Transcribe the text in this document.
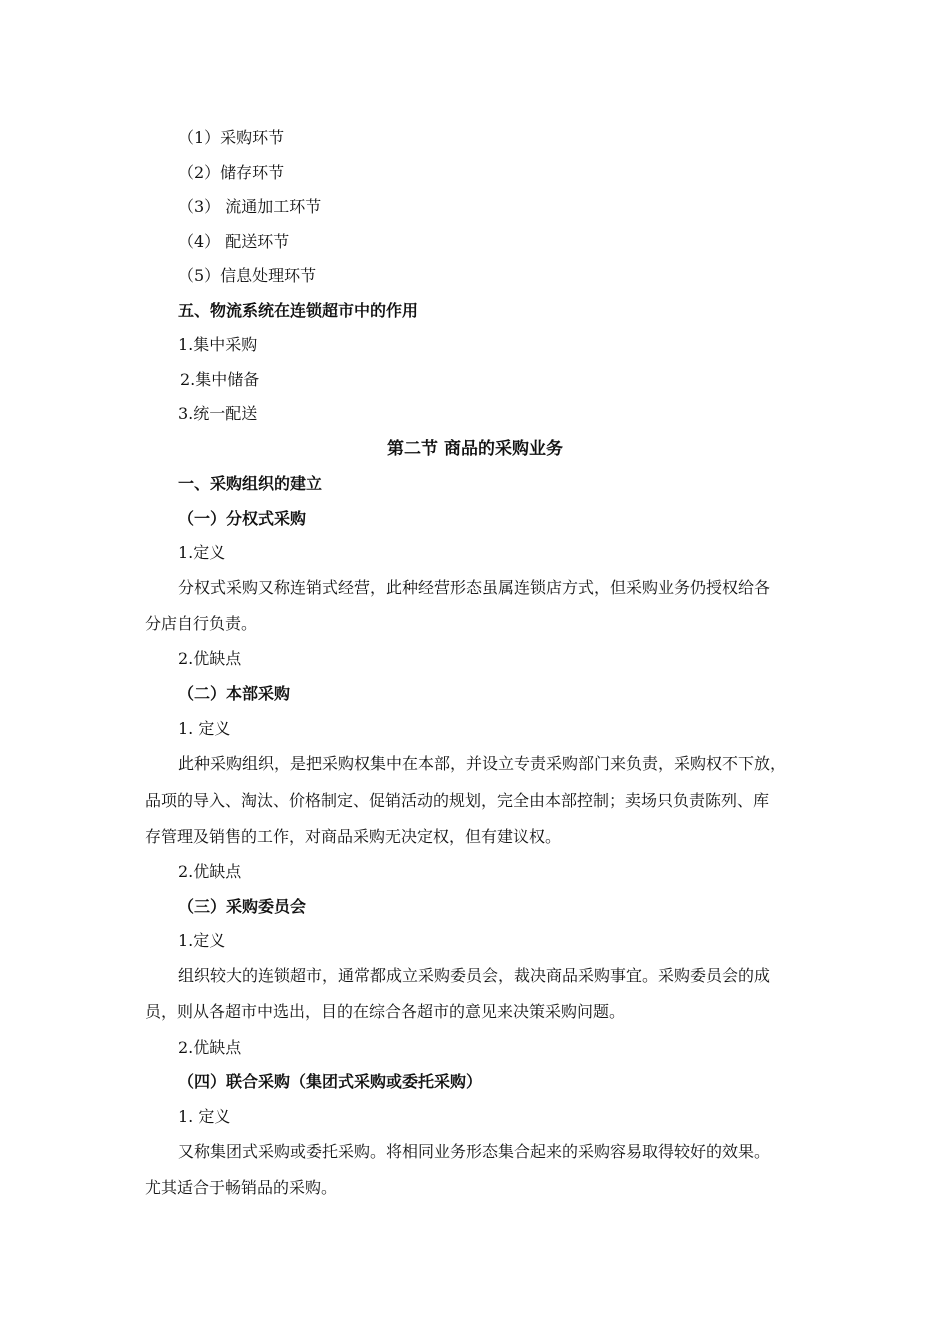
（1）采购环节
（2）储存环节
（3） 流通加工环节
（4） 配送环节
（5）信息处理环节
五、物流系统在连锁超市中的作用
1.集中采购
2.集中储备
3.统一配送
第二节 商品的采购业务
一、采购组织的建立
（一）分权式采购
1.定义
分权式采购又称连销式经营，此种经营形态虽属连锁店方式，但采购业务仍授权给各
分店自行负责。
2.优缺点
（二）本部采购
1. 定义
此种采购组织，是把采购权集中在本部，并设立专责采购部门来负责，采购权不下放，
品项的导入、淘汰、价格制定、促销活动的规划，完全由本部控制；卖场只负责陈列、库
存管理及销售的工作，对商品采购无决定权，但有建议权。
2.优缺点
（三）采购委员会
1.定义
组织较大的连锁超市，通常都成立采购委员会，裁决商品采购事宜。采购委员会的成
员，则从各超市中选出，目的在综合各超市的意见来决策采购问题。
2.优缺点
（四）联合采购（集团式采购或委托采购）
1. 定义
又称集团式采购或委托采购。将相同业务形态集合起来的采购容易取得较好的效果。
尤其适合于畅销品的采购。
